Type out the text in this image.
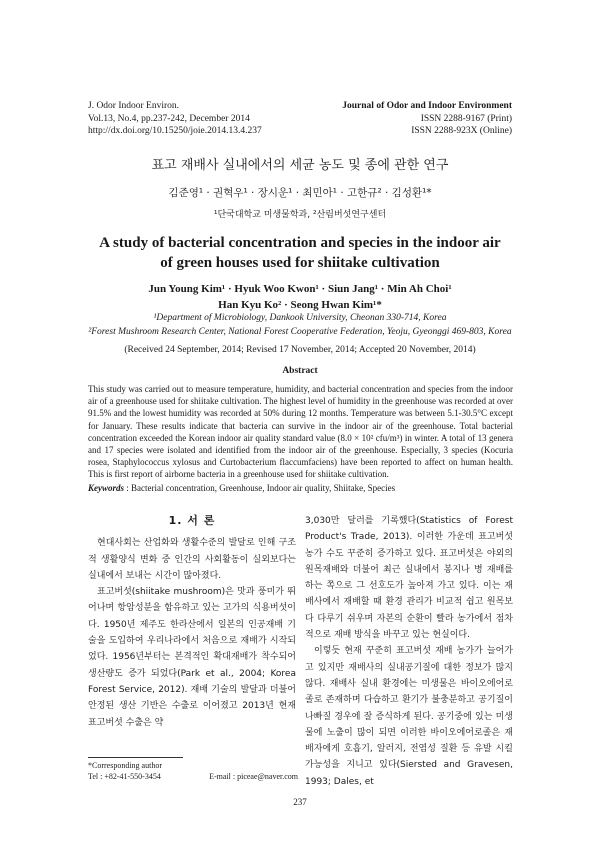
J. Odor Indoor Environ.
Vol.13, No.4, pp.237-242, December 2014
http://dx.doi.org/10.15250/joie.2014.13.4.237
Journal of Odor and Indoor Environment
ISSN 2288-9167 (Print)
ISSN 2288-923X (Online)
표고 재배사 실내에서의 세균 농도 및 종에 관한 연구
김준영¹ · 권혁우¹ · 장시운¹ · 최민아¹ · 고한규² · 김성환¹*
¹단국대학교 미생물학과, ²산림버섯연구센터
A study of bacterial concentration and species in the indoor air
of green houses used for shiitake cultivation
Jun Young Kim¹ · Hyuk Woo Kwon¹ · Siun Jang¹ · Min Ah Choi¹
Han Kyu Ko² · Seong Hwan Kim¹*
¹Department of Microbiology, Dankook University, Cheonan 330-714, Korea
²Forest Mushroom Research Center, National Forest Cooperative Federation, Yeoju, Gyeonggi 469-803, Korea
(Received 24 September, 2014; Revised 17 November, 2014; Accepted 20 November, 2014)
Abstract
This study was carried out to measure temperature, humidity, and bacterial concentration and species from the indoor air of a greenhouse used for shiitake cultivation. The highest level of humidity in the greenhouse was recorded at over 91.5% and the lowest humidity was recorded at 50% during 12 months. Temperature was between 5.1-30.5°C except for January. These results indicate that bacteria can survive in the indoor air of the greenhouse. Total bacterial concentration exceeded the Korean indoor air quality standard value (8.0 × 10² cfu/m³) in winter. A total of 13 genera and 17 species were isolated and identified from the indoor air of the greenhouse. Especially, 3 species (Kocuria rosea, Staphylococcus xylosus and Curtobacterium flaccumfaciens) have been reported to affect on human health. This is first report of airborne bacteria in a greenhouse used for shiitake cultivation.
Keywords : Bacterial concentration, Greenhouse, Indoor air quality, Shiitake, Species
1. 서 론

현대사회는 산업화와 생활수준의 발달로 인해 구조적 생활양식 변화 중 인간의 사회활동이 실외보다는 실내에서 보내는 시간이 많아졌다.

표고버섯(shiitake mushroom)은 맛과 풍미가 뛰어나며 항암성분을 함유하고 있는 고가의 식용버섯이다. 1950년 제주도 한라산에서 일본의 인공재배 기술을 도입하여 우리나라에서 처음으로 재배가 시작되었다. 1956년부터는 본격적인 확대재배가 착수되어 생산량도 증가 되었다(Park et al., 2004; Korea Forest Service, 2012). 재배 기술의 발달과 더불어 안정된 생산 기반은 수출로 이어졌고 2013년 현재 표고버섯 수출은 약

3,030만 달러를 기록했다(Statistics of Forest Product's Trade, 2013). 이러한 가운데 표고버섯 농가 수도 꾸준히 증가하고 있다. 표고버섯은 야외의 원목재배와 더불어 최근 실내에서 봉지나 병 재배를 하는 쪽으로 그 선호도가 높아져 가고 있다. 이는 재배사에서 재배할 때 환경 관리가 비교적 쉽고 원목보다 다루기 쉬우며 자본의 순환이 빨라 농가에서 점차적으로 재배 방식을 바꾸고 있는 현실이다.

이렇듯 현재 꾸준히 표고버섯 재배 농가가 늘어가고 있지만 재배사의 실내공기질에 대한 정보가 많지 않다. 재배사 실내 환경에는 미생물은 바이오에어로졸로 존재하며 다습하고 환기가 불충분하고 공기질이 나빠질 경우에 잘 증식하게 된다. 공기중에 있는 미생물에 노출이 많이 되면 이러한 바이오에어로졸은 재배자에게 호흡기, 알러지, 전염성 질환 등 유발 시킬 가능성을 지니고 있다(Siersted and Gravesen, 1993; Dales, et

*Corresponding author
Tel : +82-41-550-3454	E-mail : piceae@naver.com
237
